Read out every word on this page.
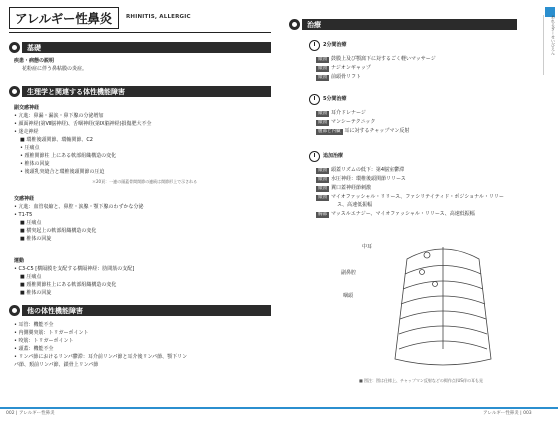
アレルギー性鼻炎	RHINITIS, ALLERGIC
基礎
疾患・病態の説明
花粉症に伴う鼻粘膜の炎症。
生理学と関連する体性機能障害
副交感神経
• 亢進：鼻漏・漏涙・鼻下腺の分泌増加
• 顔面神経(第Ⅶ脳神経)、舌咽神経(第Ⅸ脳神経)損傷肥大不全
• 迷走神経
■ 環椎後頭関節、環軸関節、C2
• 圧痛点
• 頚椎関節柱 上にある軟部組織構造の変化
• 椎体の回旋
• 後頭乳突縫合と環椎後頭関節の圧迫
＊20頁：一連の頭蓋骨間関節の連続は関節形上で示される
交感神経
• 亢進：血管収縮と、鼻腔・涙腺・顎下腺のわずかな分泌
• T1-T5
■ 圧痛点
■ 横突起上の軟部組織構造の変化
■ 椎体の回旋
運動
• C3-C5 [横隔膜を支配する横隔神経：肋間筋の支配]
■ 圧痛点
■ 頚椎関節柱上にある軟部組織構造の変化
■ 椎体の回旋
他の体性機能障害
• 耳管：機能不全
• 内側翼突筋：トリガーポイント
• 咬筋：トリガーポイント
• 頭蓋：機能不全
• リンパ節におけるリンパ鬱滞：耳介前リンパ節と耳介後リンパ節、顎下リン
パ節、頚前リンパ節、鎖骨上リンパ節
002 | アレルギー性鼻炎
治療
2分間治療
頭頸 鼓膜上及び顎窩下に対するごく軽いマッサージ
頭頸 ナジオンギャップ
頭頸 前頭骨リフト
5分間治療
頭頸 耳介ドレナージ
頭頸 マンシーテクニック
腹部と内臓 耳に対するチャップマン反射
追加治療
頭頸 頭蓋リズムの低下：第4脳室鬱滞
頭頸 水圧神経：環椎後頭関節リリース
頭頸 翼口蓋神経節刺激
頭頸 マイオファッシャル・リリース、ファシリテイティド・ポジショナル・リリー
ス、高速低振幅
胸部 マッスルエナジー、マイオファッシャル・リリース、高速低振幅
中耳
副鼻腔
咽頭
■ 図注：図は仕様上、チャップマン反射などの掲作点(US伴の耳も見
あれるぎーせいびえん
アレルギー性鼻炎 | 003
